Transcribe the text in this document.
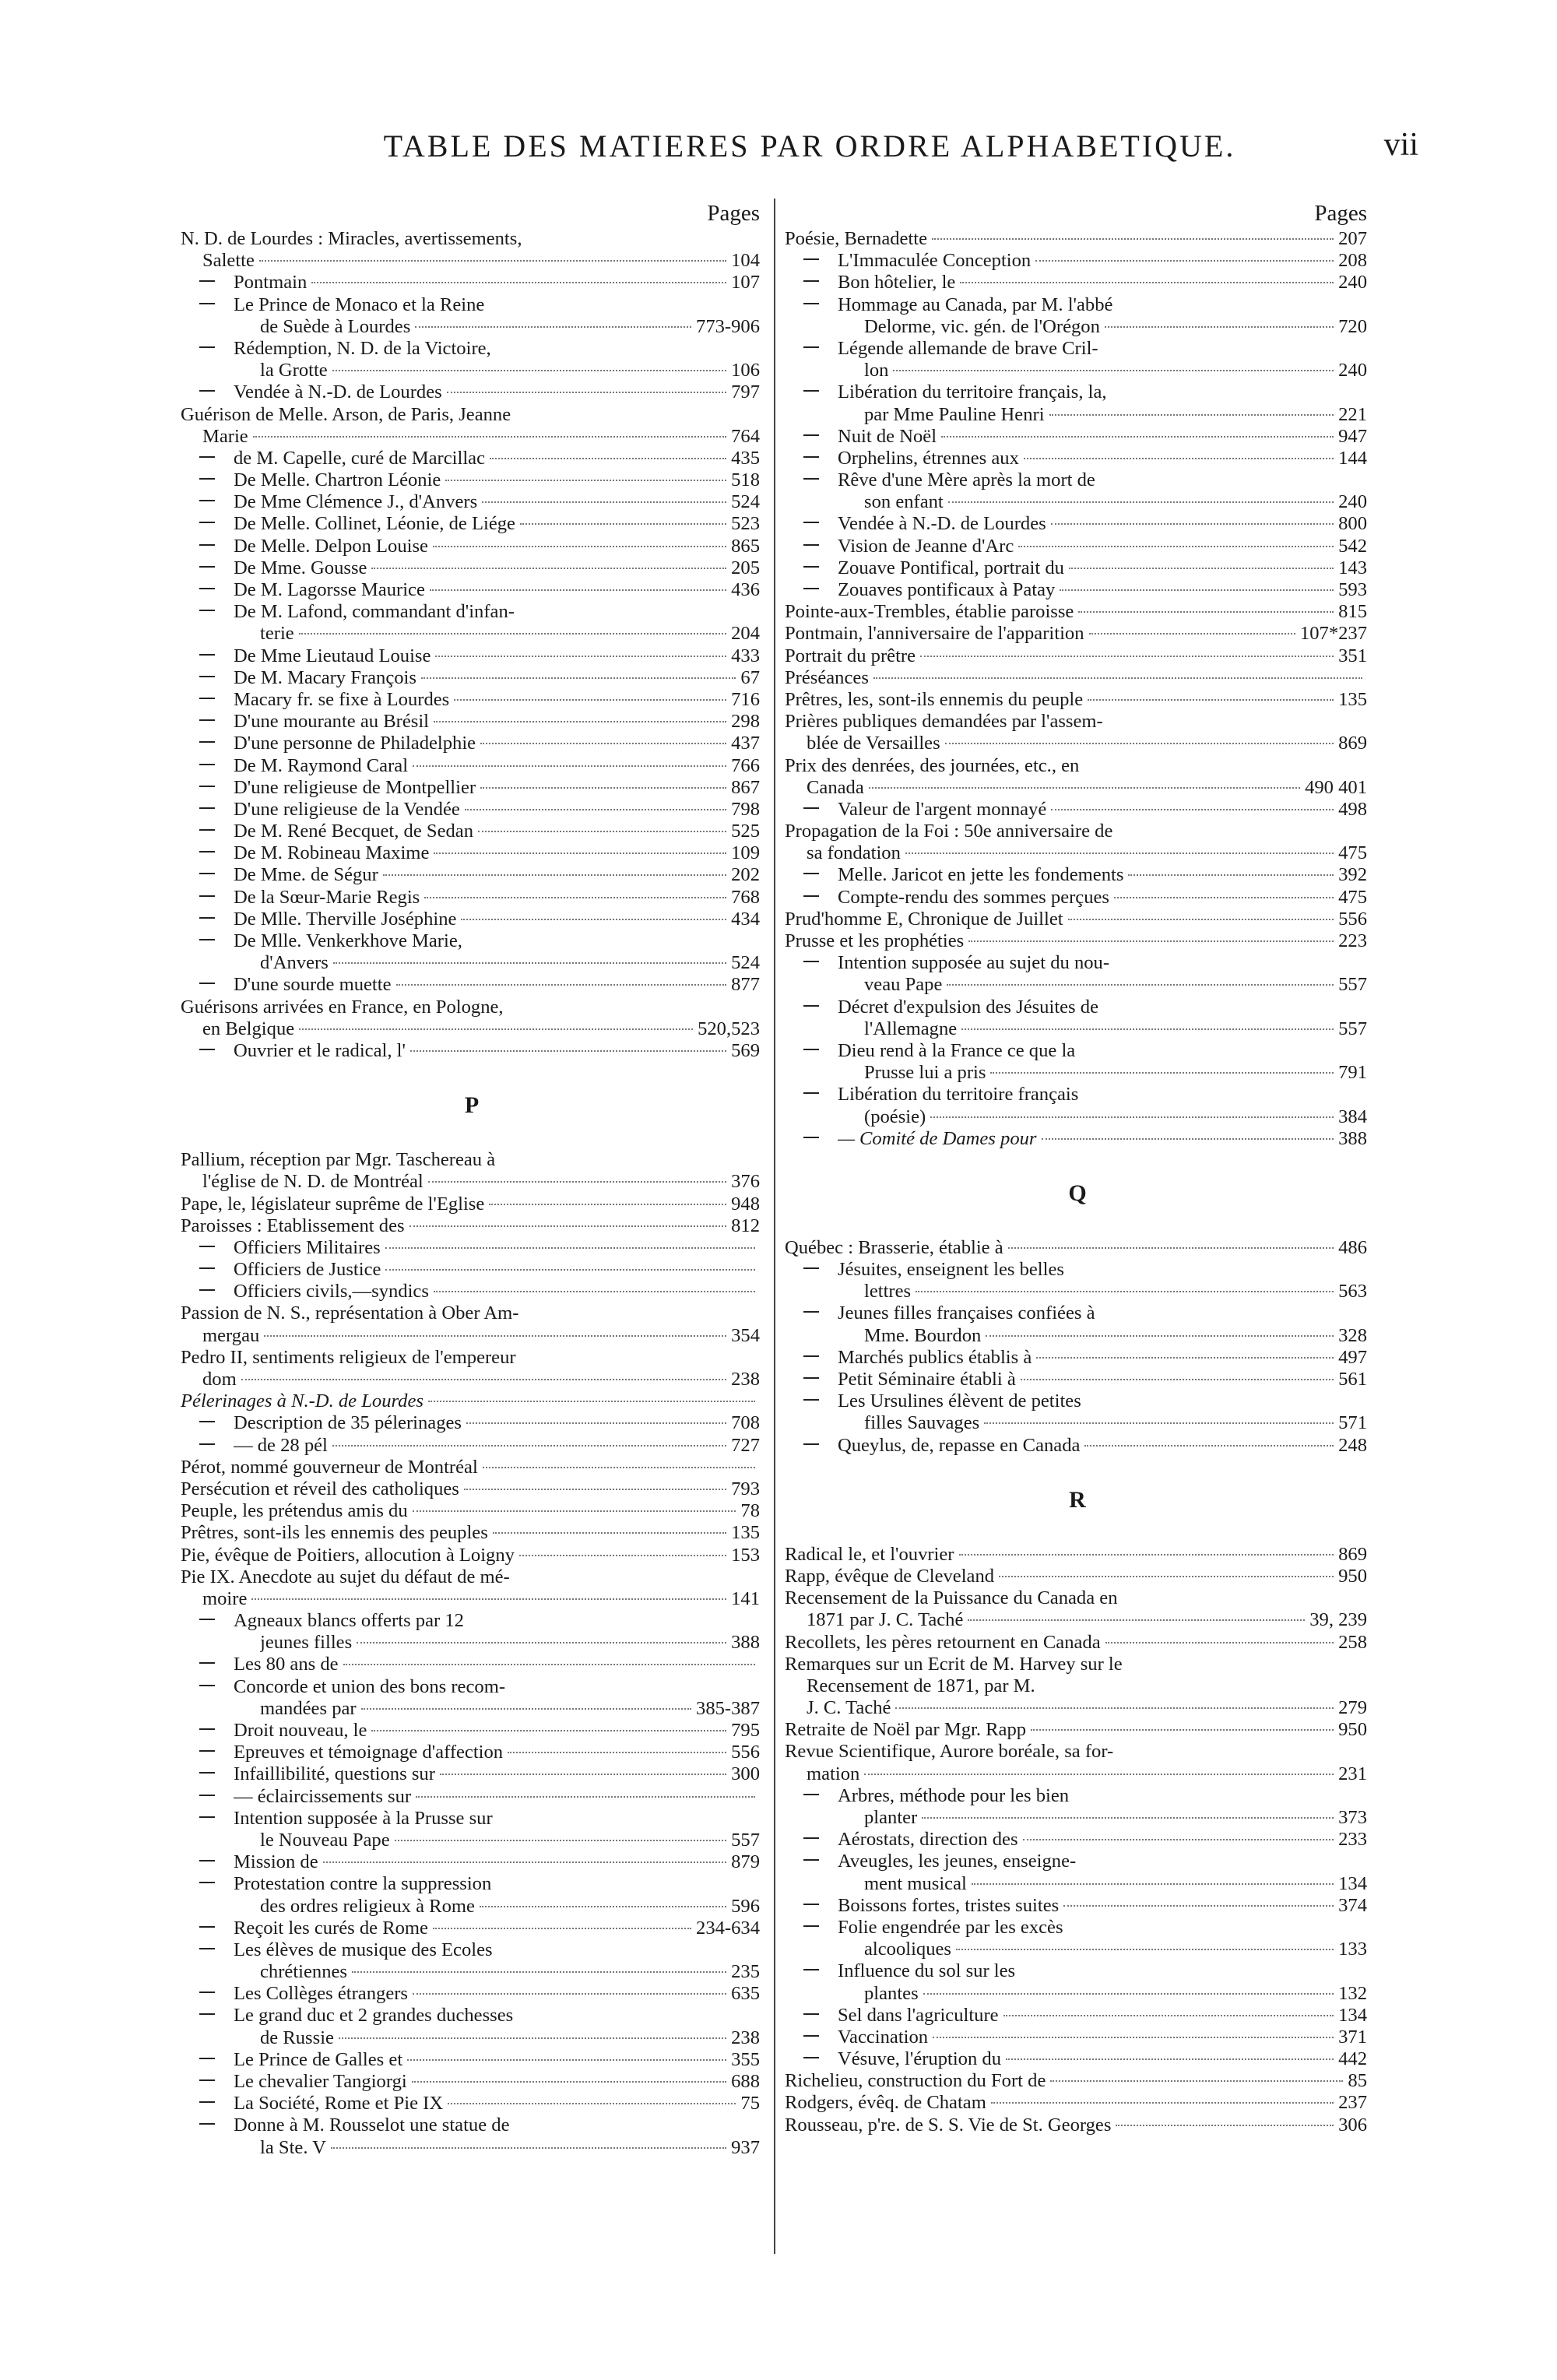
TABLE DES MATIERES PAR ORDRE ALPHABETIQUE.	vii
Pages
N. D. de Lourdes : Miracles, avertissements,
Salette	104
Pontmain	107
Le Prince de Monaco et la Reine
de Suède à Lourdes	773-906
Rédemption, N. D. de la Victoire,
la Grotte	106
Vendée à N.-D. de Lourdes	797
Guérison de Melle. Arson, de Paris, Jeanne
Marie	764
de M. Capelle, curé de Marcillac	435
De Melle. Chartron Léonie	518
De Mme Clémence J., d'Anvers	524
De Melle. Collinet, Léonie, de Liége	523
De Melle. Delpon Louise	865
De Mme. Gousse	205
De M. Lagorsse Maurice	436
De M. Lafond, commandant d'infan-
terie	204
De Mme Lieutaud Louise	433
De M. Macary François	67
Macary fr. se fixe à Lourdes	716
D'une mourante au Brésil	298
D'une personne de Philadelphie	437
De M. Raymond Caral	766
D'une religieuse de Montpellier	867
D'une religieuse de la Vendée	798
De M. René Becquet, de Sedan	525
De M. Robineau Maxime	109
De Mme. de Ségur	202
De la Sœur-Marie Regis	768
De Mlle. Therville Joséphine	434
De Mlle. Venkerkhove Marie,
d'Anvers	524
D'une sourde muette	877
Guérisons arrivées en France, en Pologne,
en Belgique	520,523
Ouvrier et le radical, l'	569
P
Pallium, réception par Mgr. Taschereau à
l'église de N. D. de Montréal	376
Pape, le, législateur suprême de l'Eglise	948
Paroisses : Etablissement des	812
Officiers Militaires
Officiers de Justice
Officiers civils,—syndics
Passion de N. S., représentation à Ober Am-
mergau	354
Pedro II, sentiments religieux de l'empereur
dom	238
Pélerinages à N.-D. de Lourdes
Description de 35 pélerinages	708
— de 28 pél	727
Pérot, nommé gouverneur de Montréal
Persécution et réveil des catholiques	793
Peuple, les prétendus amis du	78
Prêtres, sont-ils les ennemis des peuples	135
Pie, évêque de Poitiers, allocution à Loigny	153
Pie IX. Anecdote au sujet du défaut de mé-
moire	141
Agneaux blancs offerts par 12
jeunes filles	388
Les 80 ans de
Concorde et union des bons recom-
mandées par	385-387
Droit nouveau, le	795
Epreuves et témoignage d'affection	556
Infaillibilité, questions sur	300
— éclaircissements sur
Intention supposée à la Prusse sur
le Nouveau Pape	557
Mission de	879
Protestation contre la suppression
des ordres religieux à Rome	596
Reçoit les curés de Rome	234-634
Les élèves de musique des Ecoles
chrétiennes	235
Les Collèges étrangers	635
Le grand duc et 2 grandes duchesses
de Russie	238
Le Prince de Galles et	355
Le chevalier Tangiorgi	688
La Société, Rome et Pie IX	75
Donne à M. Rousselot une statue de
la Ste. V	937
Pages
Poésie, Bernadette	207
L'Immaculée Conception	208
Bon hôtelier, le	240
Hommage au Canada, par M. l'abbé
Delorme, vic. gén. de l'Orégon	720
Légende allemande de brave Cril-
lon	240
Libération du territoire français, la,
par Mme Pauline Henri	221
Nuit de Noël	947
Orphelins, étrennes aux	144
Rêve d'une Mère après la mort de
son enfant	240
Vendée à N.-D. de Lourdes	800
Vision de Jeanne d'Arc	542
Zouave Pontifical, portrait du	143
Zouaves pontificaux à Patay	593
Pointe-aux-Trembles, établie paroisse	815
Pontmain, l'anniversaire de l'apparition	107*237
Portrait du prêtre	351
Préséances
Prêtres, les, sont-ils ennemis du peuple	135
Prières publiques demandées par l'assem-
blée de Versailles	869
Prix des denrées, des journées, etc., en
Canada	490 401
Valeur de l'argent monnayé	498
Propagation de la Foi : 50e anniversaire de
sa fondation	475
Melle. Jaricot en jette les fondements	392
Compte-rendu des sommes perçues	475
Prud'homme E, Chronique de Juillet	556
Prusse et les prophéties	223
Intention supposée au sujet du nou-
veau Pape	557
Décret d'expulsion des Jésuites de
l'Allemagne	557
Dieu rend à la France ce que la
Prusse lui a pris	791
Libération du territoire français
(poésie)	384
— Comité de Dames pour	388
Q
Québec : Brasserie, établie à	486
Jésuites, enseignent les belles
lettres	563
Jeunes filles françaises confiées à
Mme. Bourdon	328
Marchés publics établis à	497
Petit Séminaire établi à	561
Les Ursulines élèvent de petites
filles Sauvages	571
Queylus, de, repasse en Canada	248
R
Radical le, et l'ouvrier	869
Rapp, évêque de Cleveland	950
Recensement de la Puissance du Canada en
1871 par J. C. Taché	39, 239
Recollets, les pères retournent en Canada	258
Remarques sur un Ecrit de M. Harvey sur le
Recensement de 1871, par M.
J. C. Taché	279
Retraite de Noël par Mgr. Rapp	950
Revue Scientifique, Aurore boréale, sa for-
mation	231
Arbres, méthode pour les bien
planter	373
Aérostats, direction des	233
Aveugles, les jeunes, enseigne-
ment musical	134
Boissons fortes, tristes suites	374
Folie engendrée par les excès
alcooliques	133
Influence du sol sur les
plantes	132
Sel dans l'agriculture	134
Vaccination	371
Vésuve, l'éruption du	442
Richelieu, construction du Fort de	85
Rodgers, évêq. de Chatam	237
Rousseau, p're. de S. S. Vie de St. Georges	306
